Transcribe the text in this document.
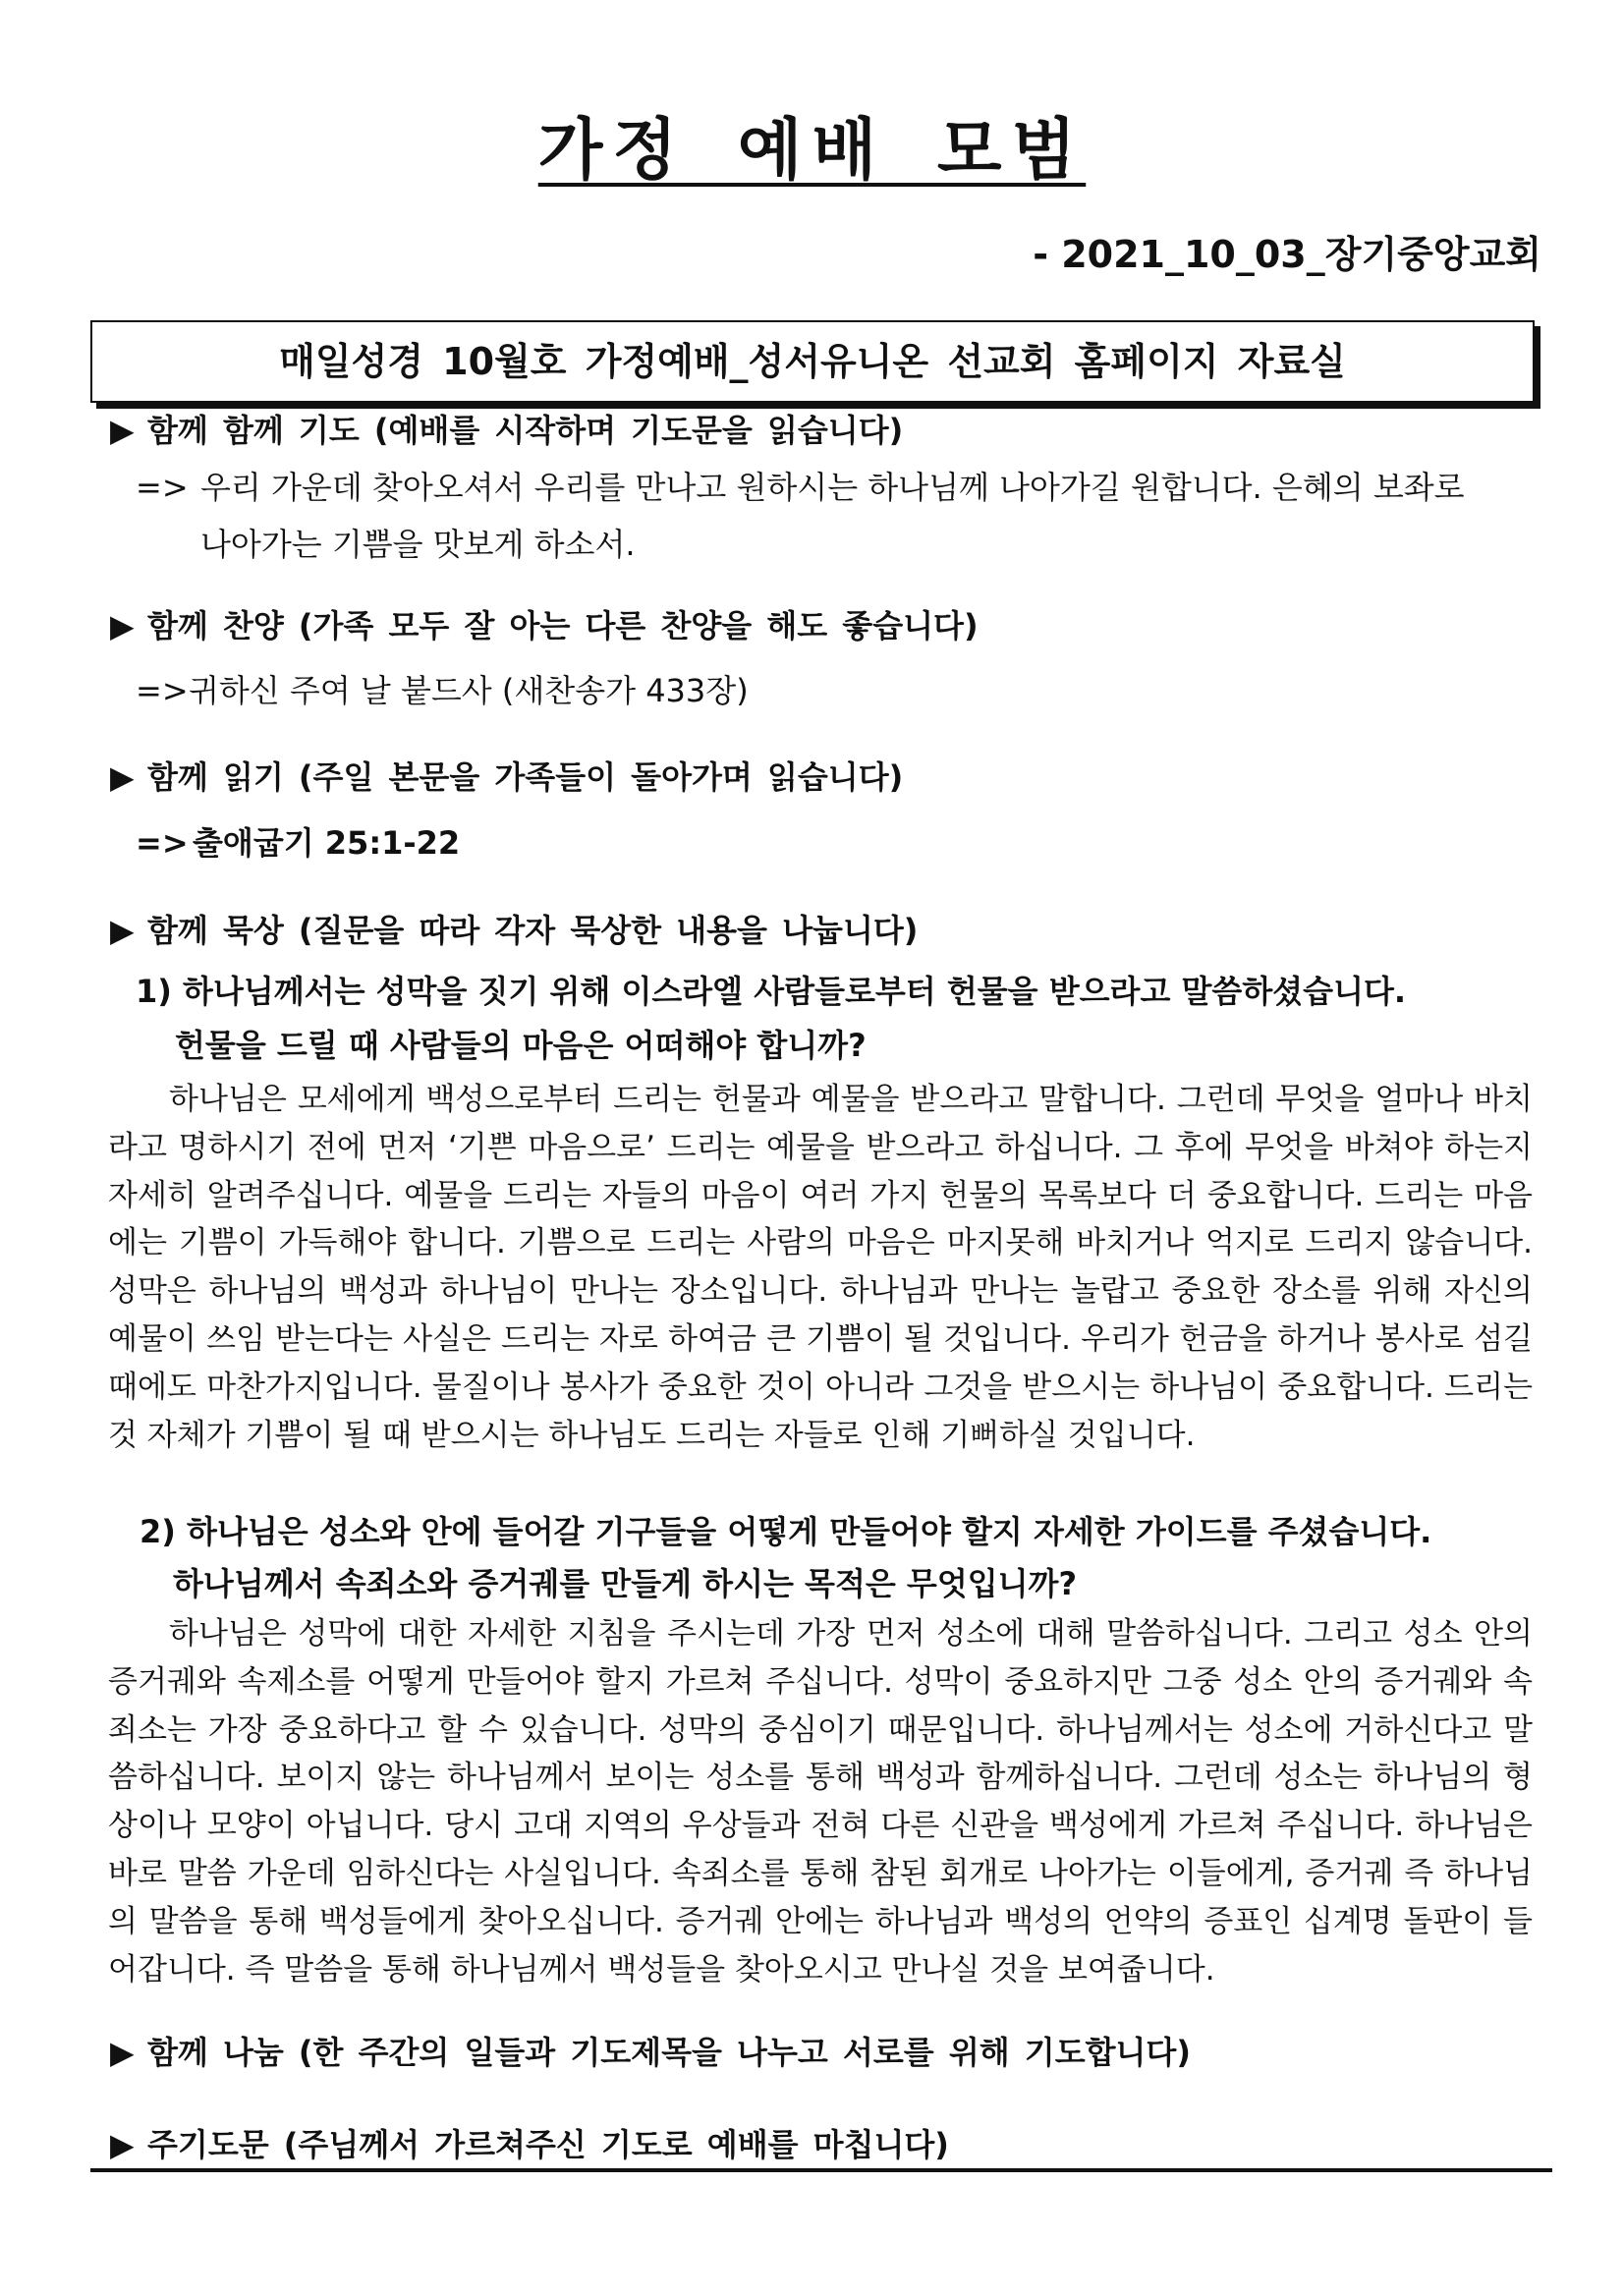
가정 예배 모범
- 2021_10_03_장기중앙교회
매일성경 10월호 가정예배_성서유니온 선교회 홈페이지 자료실
▶ 함께 함께 기도 (예배를 시작하며 기도문을 읽습니다)
=> 우리 가운데 찾아오셔서 우리를 만나고 원하시는 하나님께 나아가길 원합니다. 은혜의 보좌로
나아가는 기쁨을 맛보게 하소서.
▶ 함께 찬양 (가족 모두 잘 아는 다른 찬양을 해도 좋습니다)
=> 귀하신 주여 날 붙드사 (새찬송가 433장)
▶ 함께 읽기 (주일 본문을 가족들이 돌아가며 읽습니다)
=> 출애굽기 25:1-22
▶ 함께 묵상 (질문을 따라 각자 묵상한 내용을 나눕니다)
1) 하나님께서는 성막을 짓기 위해 이스라엘 사람들로부터 헌물을 받으라고 말씀하셨습니다.
헌물을 드릴 때 사람들의 마음은 어떠해야 합니까?
하나님은 모세에게 백성으로부터 드리는 헌물과 예물을 받으라고 말합니다. 그런데 무엇을 얼마나 바치라고 명하시기 전에 먼저 ‘기쁜 마음으로’ 드리는 예물을 받으라고 하십니다. 그 후에 무엇을 바쳐야 하는지 자세히 알려주십니다. 예물을 드리는 자들의 마음이 여러 가지 헌물의 목록보다 더 중요합니다. 드리는 마음에는 기쁨이 가득해야 합니다. 기쁨으로 드리는 사람의 마음은 마지못해 바치거나 억지로 드리지 않습니다. 성막은 하나님의 백성과 하나님이 만나는 장소입니다. 하나님과 만나는 놀랍고 중요한 장소를 위해 자신의 예물이 쓰임 받는다는 사실은 드리는 자로 하여금 큰 기쁨이 될 것입니다. 우리가 헌금을 하거나 봉사로 섬길 때에도 마찬가지입니다. 물질이나 봉사가 중요한 것이 아니라 그것을 받으시는 하나님이 중요합니다. 드리는 것 자체가 기쁨이 될 때 받으시는 하나님도 드리는 자들로 인해 기뻐하실 것입니다.
2) 하나님은 성소와 안에 들어갈 기구들을 어떻게 만들어야 할지 자세한 가이드를 주셨습니다.
하나님께서 속죄소와 증거궤를 만들게 하시는 목적은 무엇입니까?
하나님은 성막에 대한 자세한 지침을 주시는데 가장 먼저 성소에 대해 말씀하십니다. 그리고 성소 안의 증거궤와 속제소를 어떻게 만들어야 할지 가르쳐 주십니다. 성막이 중요하지만 그중 성소 안의 증거궤와 속죄소는 가장 중요하다고 할 수 있습니다. 성막의 중심이기 때문입니다. 하나님께서는 성소에 거하신다고 말씀하십니다. 보이지 않는 하나님께서 보이는 성소를 통해 백성과 함께하십니다. 그런데 성소는 하나님의 형상이나 모양이 아닙니다. 당시 고대 지역의 우상들과 전혀 다른 신관을 백성에게 가르쳐 주십니다. 하나님은 바로 말씀 가운데 임하신다는 사실입니다. 속죄소를 통해 참된 회개로 나아가는 이들에게, 증거궤 즉 하나님의 말씀을 통해 백성들에게 찾아오십니다. 증거궤 안에는 하나님과 백성의 언약의 증표인 십계명 돌판이 들어갑니다. 즉 말씀을 통해 하나님께서 백성들을 찾아오시고 만나실 것을 보여줍니다.
▶ 함께 나눔 (한 주간의 일들과 기도제목을 나누고 서로를 위해 기도합니다)
▶ 주기도문 (주님께서 가르쳐주신 기도로 예배를 마칩니다)
